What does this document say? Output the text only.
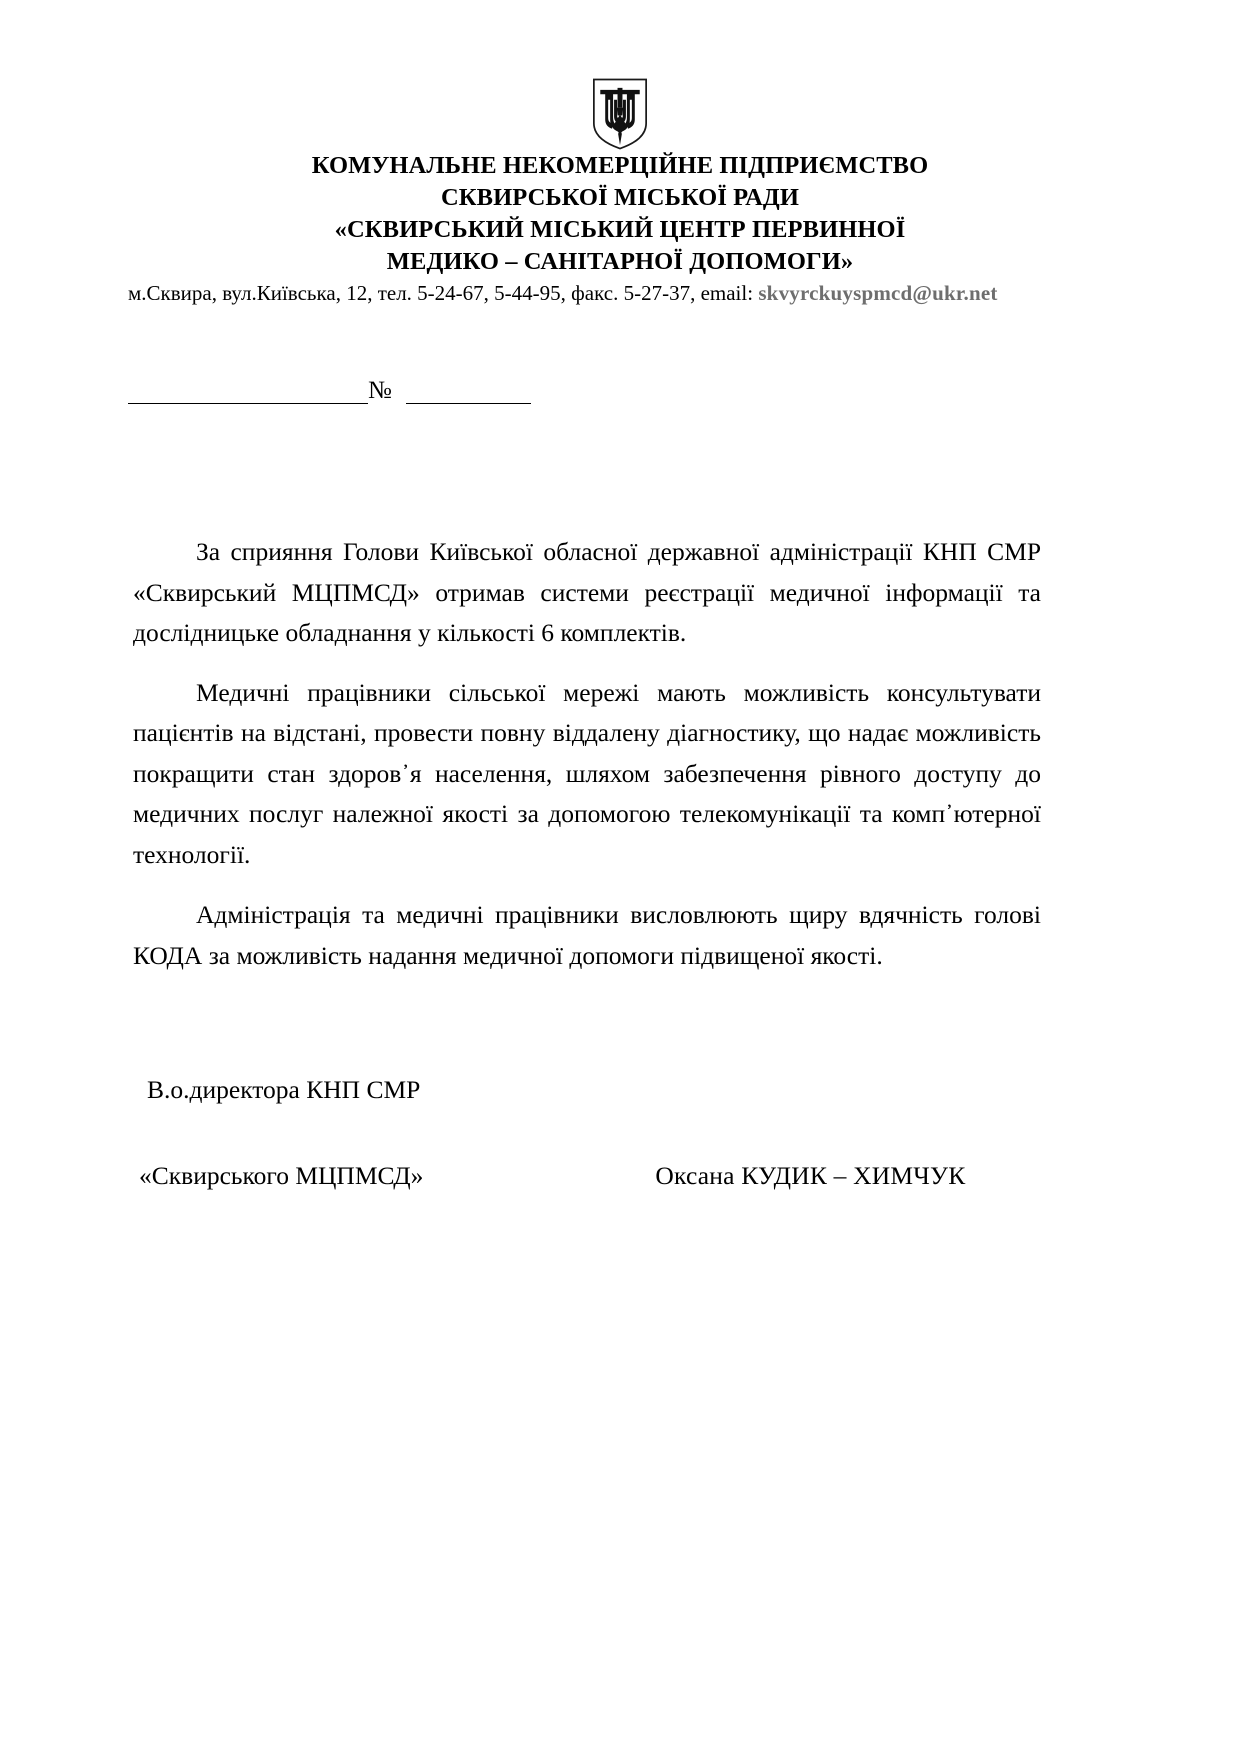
КОМУНАЛЬНЕ НЕКОМЕРЦІЙНЕ ПІДПРИЄМСТВО
СКВИРСЬКОЇ МІСЬКОЇ РАДИ
«СКВИРСЬКИЙ МІСЬКИЙ ЦЕНТР ПЕРВИННОЇ
МЕДИКО – САНІТАРНОЇ ДОПОМОГИ»
м.Сквира, вул.Київська, 12, тел. 5-24-67, 5-44-95, факс. 5-27-37, email: skvyrckuyspmcd@ukr.net
№

За сприяння Голови Київської обласної державної адміністрації КНП СМР «Сквирський МЦПМСД» отримав системи реєстрації медичної інформації та дослідницьке обладнання у кількості 6 комплектів.

Медичні працівники сільської мережі мають можливість консультувати пацієнтів на відстані, провести повну віддалену діагностику, що надає можливість покращити стан здоров᾽я населення, шляхом забезпечення рівного доступу до медичних послуг належної якості за допомогою телекомунікації та комп᾽ютерної технології.

Адміністрація та медичні працівники висловлюють щиру вдячність голові КОДА за можливість надання медичної допомоги підвищеної якості.

В.о.директора КНП СМР
«Сквирського МЦПМСД»	Оксана КУДИК – ХИМЧУК
